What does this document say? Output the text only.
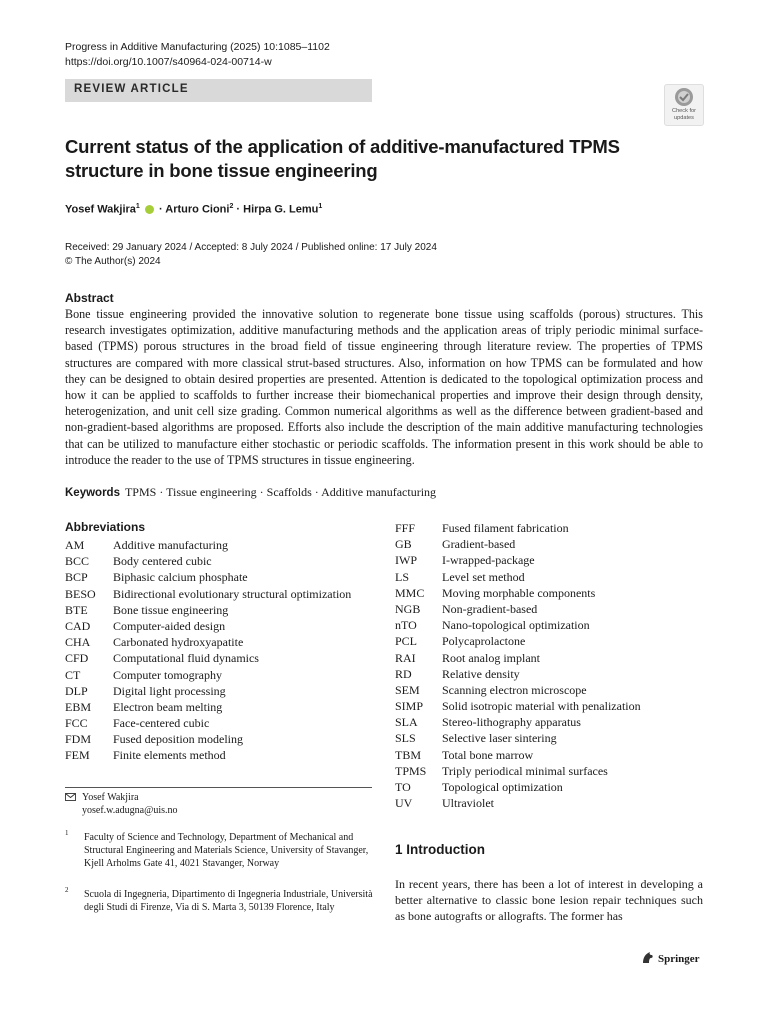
Progress in Additive Manufacturing (2025) 10:1085–1102
https://doi.org/10.1007/s40964-024-00714-w
REVIEW ARTICLE
Check for updates
Current status of the application of additive-manufactured TPMS structure in bone tissue engineering
Yosef Wakjira$^1$ · Arturo Cioni$^2$ · Hirpa G. Lemu$^1$
Received: 29 January 2024 / Accepted: 8 July 2024 / Published online: 17 July 2024
© The Author(s) 2024
Abstract
Bone tissue engineering provided the innovative solution to regenerate bone tissue using scaffolds (porous) structures. This research investigates optimization, additive manufacturing methods and the application areas of triply periodic minimal surface-based (TPMS) porous structures in the broad field of tissue engineering through literature review. The properties of TPMS structures are compared with more classical strut-based structures. Also, information on how TPMS can be formulated and how they can be designed to obtain desired properties are presented. Attention is dedicated to the topological optimization process and how it can be applied to scaffolds to further increase their biomechanical properties and improve their design through density, heterogenization, and unit cell size grading. Common numerical algorithms as well as the difference between gradient-based and non-gradient-based algorithms are proposed. Efforts also include the description of the main additive manufacturing technologies that can be utilized to manufacture either stochastic or periodic scaffolds. The information present in this work should be able to introduce the reader to the use of TPMS structures in tissue engineering.
Keywords TPMS · Tissue engineering · Scaffolds · Additive manufacturing
Abbreviations
AM Additive manufacturing
BCC Body centered cubic
BCP Biphasic calcium phosphate
BESO Bidirectional evolutionary structural optimization
BTE Bone tissue engineering
CAD Computer-aided design
CHA Carbonated hydroxyapatite
CFD Computational fluid dynamics
CT	Computer tomography
DLP Digital light processing
EBM Electron beam melting
FCC Face-centered cubic
FDM Fused deposition modeling
FEM Finite elements method
FFF Fused filament fabrication
GB	Gradient-based
IWP I-wrapped-package
LS	Level set method
MMC Moving morphable components
NGB Non-gradient-based
nTO Nano-topological optimization
PCL Polycaprolactone
RAI Root analog implant
RD	Relative density
SEM Scanning electron microscope
SIMP Solid isotropic material with penalization
SLA Stereo-lithography apparatus
SLS Selective laser sintering
TBM Total bone marrow
TPMS Triply periodical minimal surfaces
TO	Topological optimization
UV Ultraviolet
Yosef Wakjira
yosef.w.adugna@uis.no
1 Faculty of Science and Technology, Department of Mechanical and Structural Engineering and Materials Science, University of Stavanger, Kjell Arholms Gate 41, 4021 Stavanger, Norway
2 Scuola di Ingegneria, Dipartimento di Ingegneria Industriale, Università degli Studi di Firenze, Via di S. Marta 3, 50139 Florence, Italy
1 Introduction
In recent years, there has been a lot of interest in developing a better alternative to classic bone lesion repair techniques such as bone autografts or allografts. The former has
Springer
